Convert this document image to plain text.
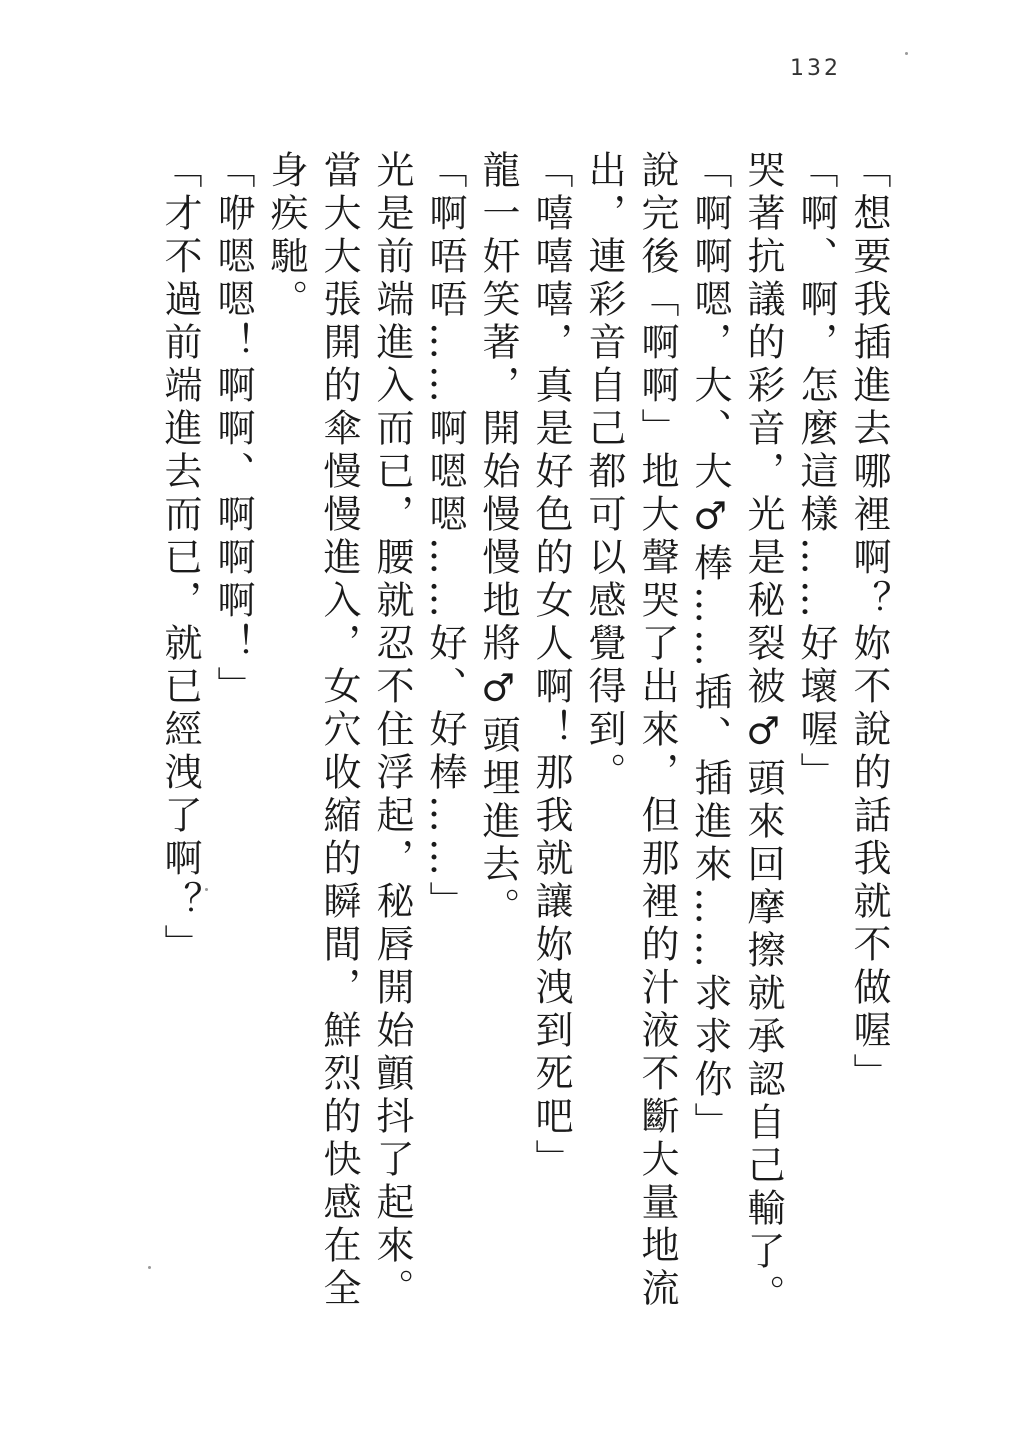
132

「想要我插進去哪裡啊？妳不說的話我就不做喔」

「啊、啊，怎麼這樣……好壞喔」

哭著抗議的彩音，光是秘裂被♂頭來回摩擦就承認自己輸了。

「啊啊嗯，大、大♂棒……插、插進來……求求你」

說完後「啊啊」地大聲哭了出來，但那裡的汁液不斷大量地流出，連彩音自己都可以感覺得到。

「嘻嘻嘻，真是好色的女人啊！那我就讓妳洩到死吧」

龍一奸笑著，開始慢慢地將♂頭埋進去。

「啊唔唔……啊嗯嗯……好、好棒……」

光是前端進入而已，腰就忍不住浮起，秘唇開始顫抖了起來。當大大張開的傘慢慢進入，女穴收縮的瞬間，鮮烈的快感在全身疾馳。

「咿嗯嗯！啊啊、啊啊啊！」

「才不過前端進去而已，就已經洩了啊？」
